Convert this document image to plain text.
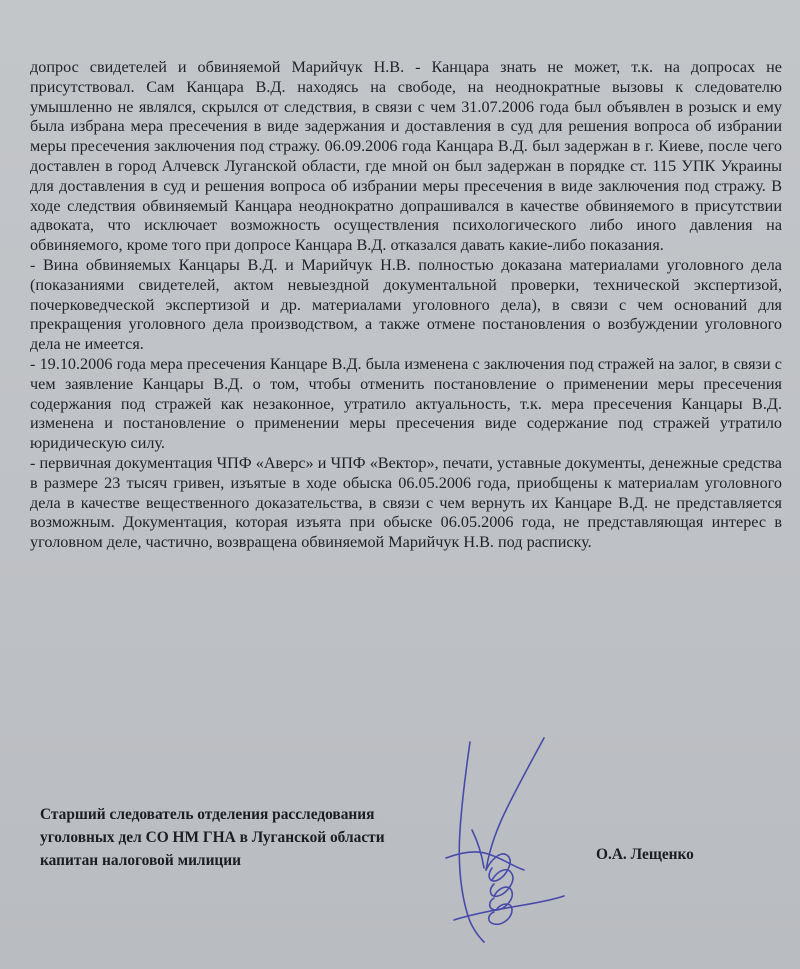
допрос свидетелей и обвиняемой Марийчук Н.В. - Канцара знать не может, т.к. на допросах не присутствовал. Сам Канцара В.Д. находясь на свободе, на неоднократные вызовы к следователю умышленно не являлся, скрылся от следствия, в связи с чем 31.07.2006 года был объявлен в розыск и ему была избрана мера пресечения в виде задержания и доставления в суд для решения вопроса об избрании меры пресечения заключения под стражу. 06.09.2006 года Канцара В.Д. был задержан в г. Киеве, после чего доставлен в город Алчевск Луганской области, где мной он был задержан в порядке ст. 115 УПК Украины для доставления в суд и решения вопроса об избрании меры пресечения в виде заключения под стражу. В ходе следствия обвиняемый Канцара неоднократно допрашивался в качестве обвиняемого в присутствии адвоката, что исключает возможность осуществления психологического либо иного давления на обвиняемого, кроме того при допросе Канцара В.Д. отказался давать какие-либо показания.

- Вина обвиняемых Канцары В.Д. и Марийчук Н.В. полностью доказана материалами уголовного дела (показаниями свидетелей, актом невыездной документальной проверки, технической экспертизой, почерковедческой экспертизой и др. материалами уголовного дела), в связи с чем оснований для прекращения уголовного дела производством, а также отмене постановления о возбуждении уголовного дела не имеется.

- 19.10.2006 года мера пресечения Канцаре В.Д. была изменена с заключения под стражей на залог, в связи с чем заявление Канцары В.Д. о том, чтобы отменить постановление о применении меры пресечения содержания под стражей как незаконное, утратило актуальность, т.к. мера пресечения Канцары В.Д. изменена и постановление о применении меры пресечения виде содержание под стражей утратило юридическую силу.

- первичная документация ЧПФ «Аверс» и ЧПФ «Вектор», печати, уставные документы, денежные средства в размере 23 тысяч гривен, изъятые в ходе обыска 06.05.2006 года, приобщены к материалам уголовного дела в качестве вещественного доказательства, в связи с чем вернуть их Канцаре В.Д. не представляется возможным. Документация, которая изъята при обыске 06.05.2006 года, не представляющая интерес в уголовном деле, частично, возвращена обвиняемой Марийчук Н.В. под расписку.

Старший следователь отделения расследования
уголовных дел СО НМ ГНА в Луганской области
капитан налоговой милиции	О.А. Лещенко
